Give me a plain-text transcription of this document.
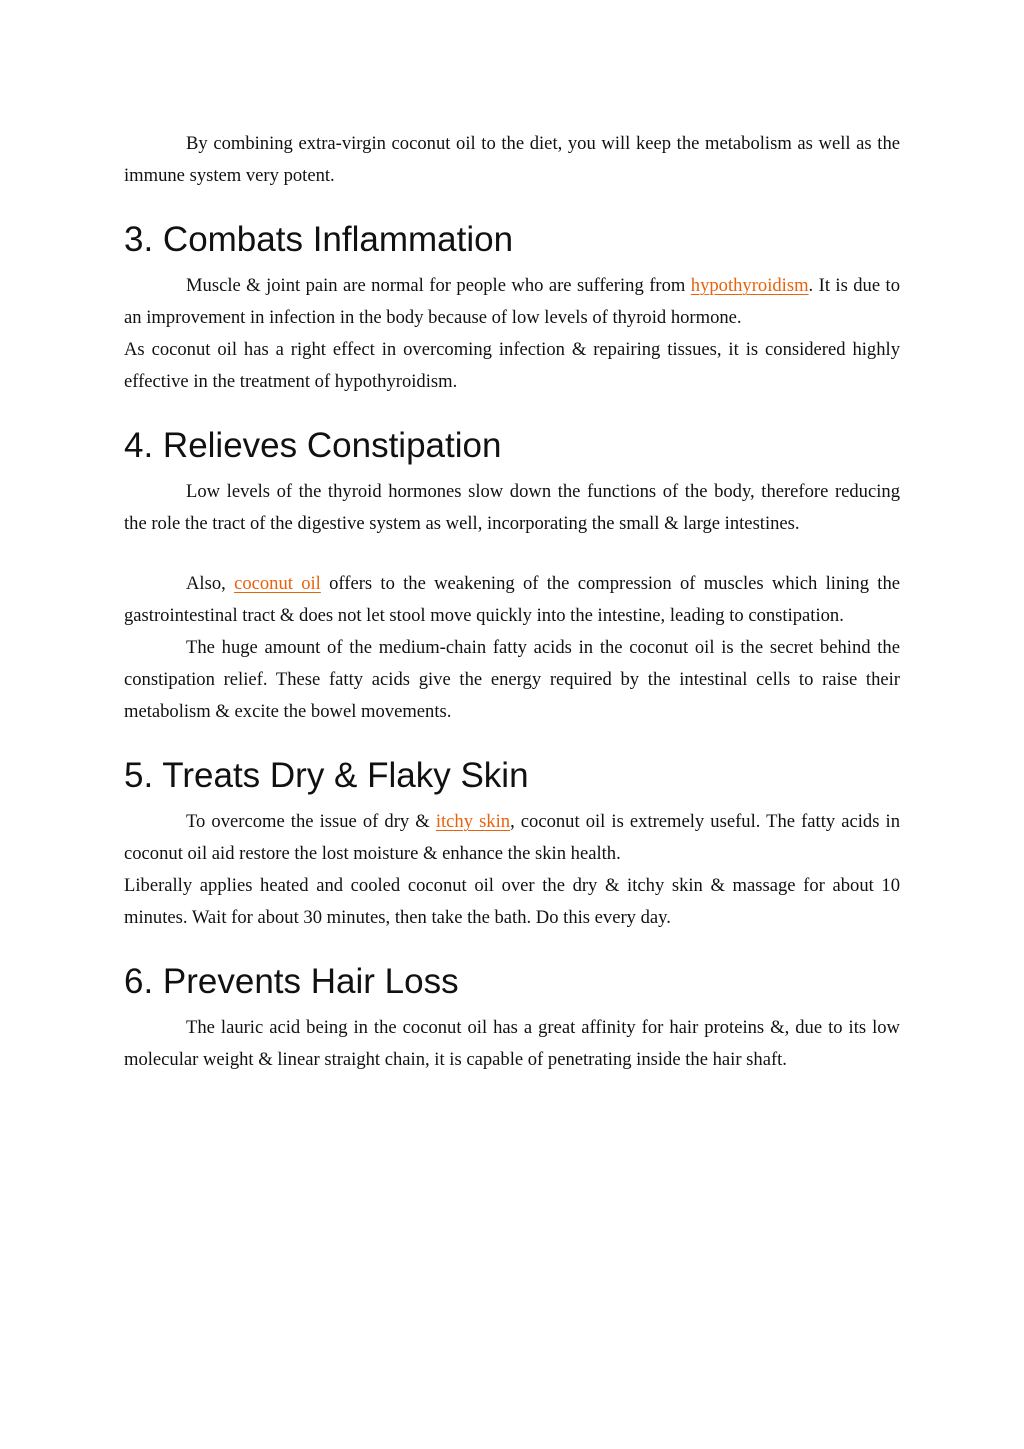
By combining extra-virgin coconut oil to the diet, you will keep the metabolism as well as the immune system very potent.

3. Combats Inflammation

Muscle & joint pain are normal for people who are suffering from hypothyroidism. It is due to an improvement in infection in the body because of low levels of thyroid hormone.

As coconut oil has a right effect in overcoming infection & repairing tissues, it is considered highly effective in the treatment of hypothyroidism.

4. Relieves Constipation

Low levels of the thyroid hormones slow down the functions of the body, therefore reducing the role the tract of the digestive system as well, incorporating the small & large intestines.

Also, coconut oil offers to the weakening of the compression of muscles which lining the gastrointestinal tract & does not let stool move quickly into the intestine, leading to constipation.

The huge amount of the medium-chain fatty acids in the coconut oil is the secret behind the constipation relief. These fatty acids give the energy required by the intestinal cells to raise their metabolism & excite the bowel movements.

5. Treats Dry & Flaky Skin

To overcome the issue of dry & itchy skin, coconut oil is extremely useful. The fatty acids in coconut oil aid restore the lost moisture & enhance the skin health.

Liberally applies heated and cooled coconut oil over the dry & itchy skin & massage for about 10 minutes. Wait for about 30 minutes, then take the bath. Do this every day.

6. Prevents Hair Loss

The lauric acid being in the coconut oil has a great affinity for hair proteins &, due to its low molecular weight & linear straight chain, it is capable of penetrating inside the hair shaft.
